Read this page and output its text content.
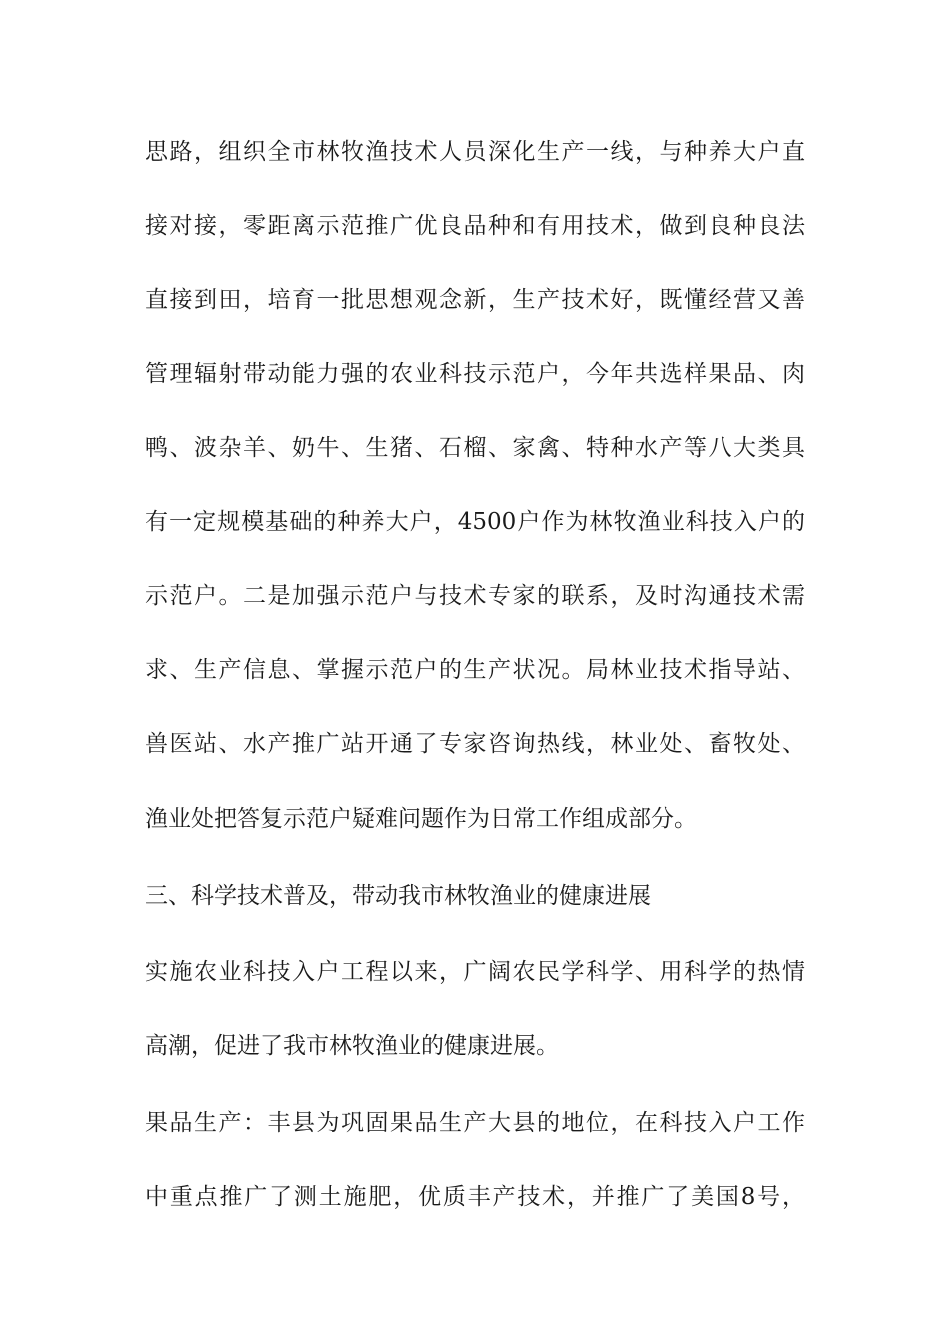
思路，组织全市林牧渔技术人员深化生产一线，与种养大户直
接对接，零距离示范推广优良品种和有用技术，做到良种良法
直接到田，培育一批思想观念新，生产技术好，既懂经营又善
管理辐射带动能力强的农业科技示范户，今年共选样果品、肉
鸭、波杂羊、奶牛、生猪、石榴、家禽、特种水产等八大类具
有一定规模基础的种养大户，4500户作为林牧渔业科技入户的
示范户。二是加强示范户与技术专家的联系，及时沟通技术需
求、生产信息、掌握示范户的生产状况。局林业技术指导站、
兽医站、水产推广站开通了专家咨询热线，林业处、畜牧处、
渔业处把答复示范户疑难问题作为日常工作组成部分。
三、科学技术普及，带动我市林牧渔业的健康进展
实施农业科技入户工程以来，广阔农民学科学、用科学的热情
高潮，促进了我市林牧渔业的健康进展。
果品生产：丰县为巩固果品生产大县的地位，在科技入户工作
中重点推广了测土施肥，优质丰产技术，并推广了美国8号，
